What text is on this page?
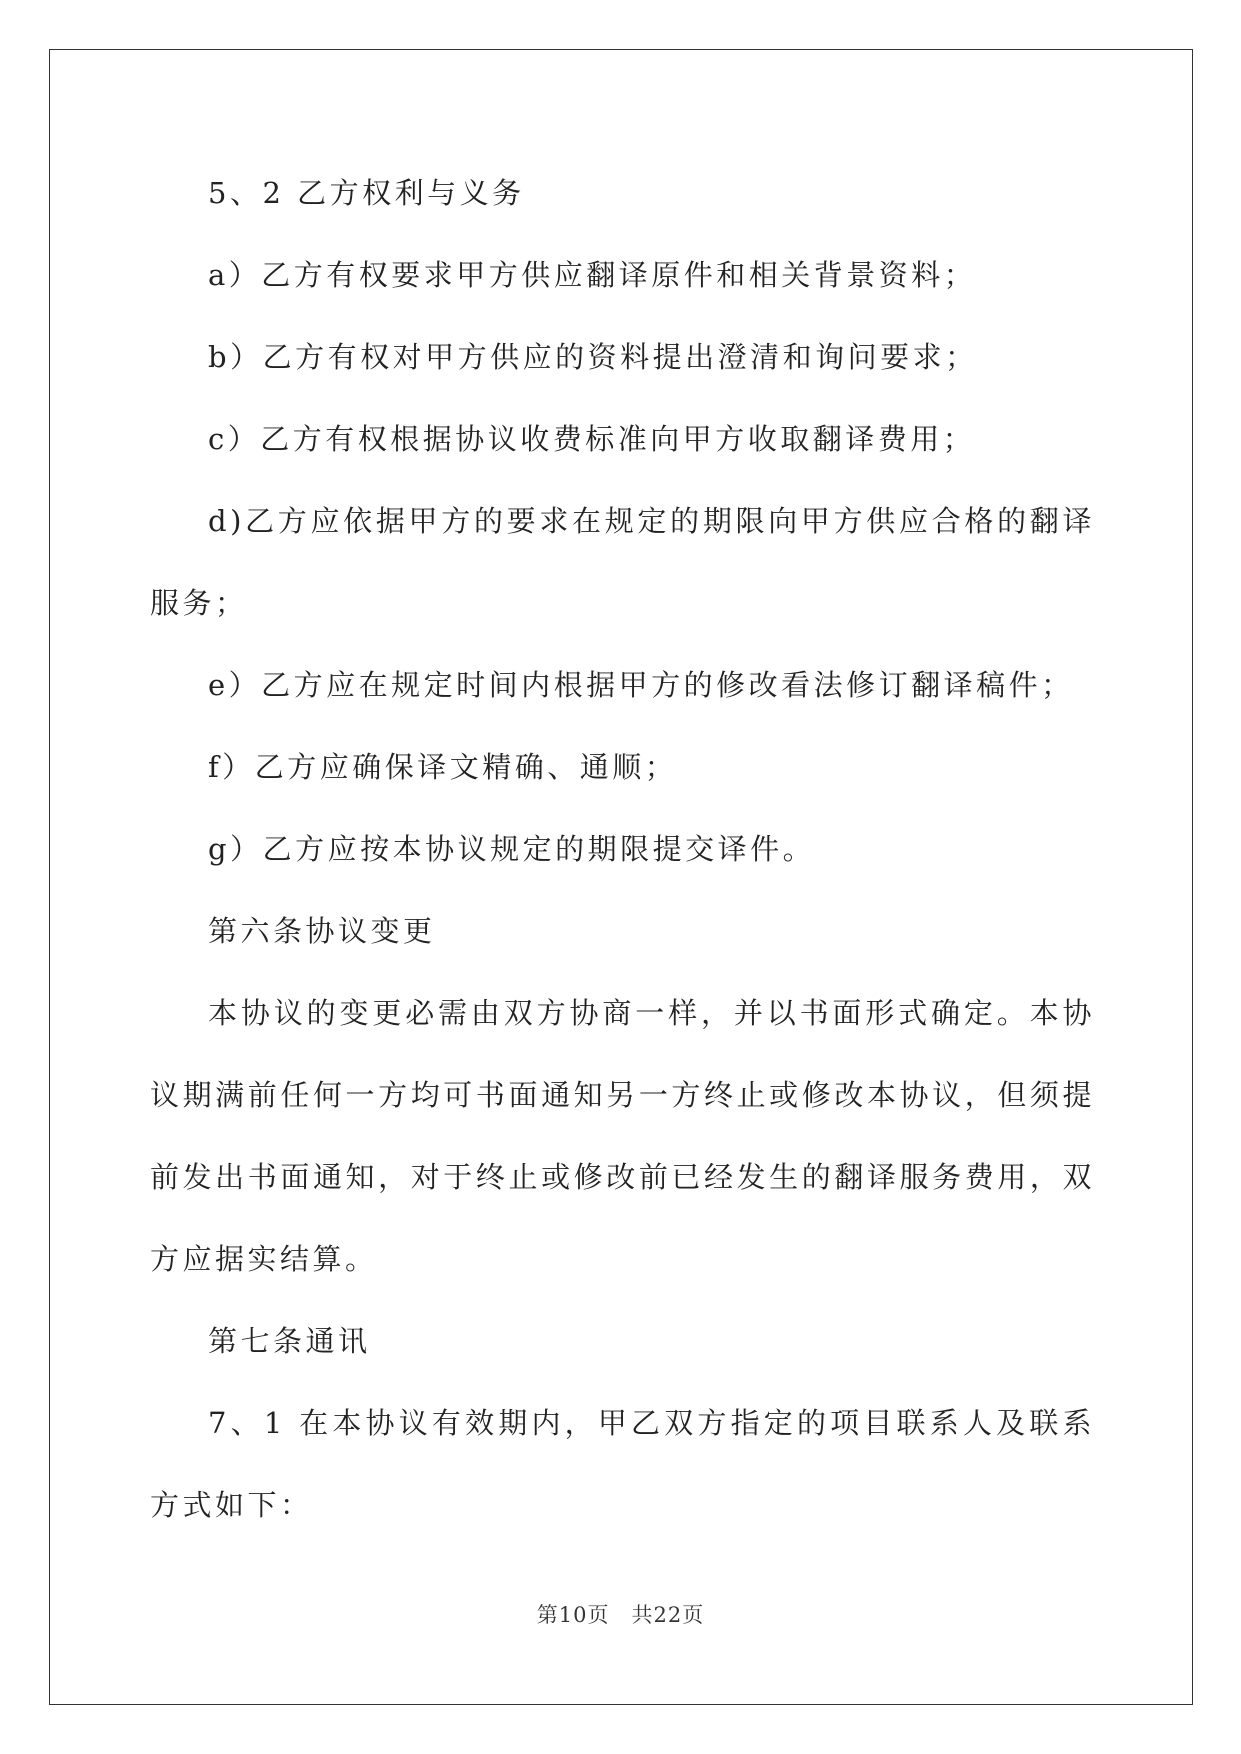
5、2 乙方权利与义务

a）乙方有权要求甲方供应翻译原件和相关背景资料；

b）乙方有权对甲方供应的资料提出澄清和询问要求；

c）乙方有权根据协议收费标准向甲方收取翻译费用；

d)乙方应依据甲方的要求在规定的期限向甲方供应合格的翻译服务；

e）乙方应在规定时间内根据甲方的修改看法修订翻译稿件；

f）乙方应确保译文精确、通顺；

g）乙方应按本协议规定的期限提交译件。

第六条协议变更

本协议的变更必需由双方协商一样，并以书面形式确定。本协议期满前任何一方均可书面通知另一方终止或修改本协议，但须提前发出书面通知，对于终止或修改前已经发生的翻译服务费用，双方应据实结算。

第七条通讯

7、1 在本协议有效期内，甲乙双方指定的项目联系人及联系方式如下：

第10页　共22页
